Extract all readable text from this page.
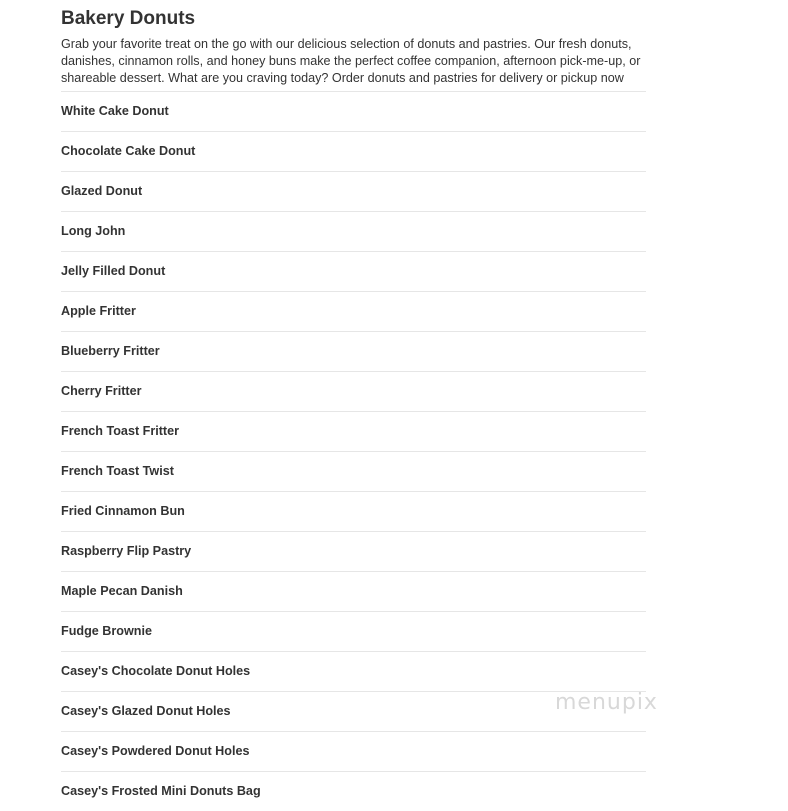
Bakery Donuts

Grab your favorite treat on the go with our delicious selection of donuts and pastries. Our fresh donuts, danishes, cinnamon rolls, and honey buns make the perfect coffee companion, afternoon pick-me-up, or shareable dessert. What are you craving today? Order donuts and pastries for delivery or pickup now

White Cake Donut
Chocolate Cake Donut
Glazed Donut
Long John
Jelly Filled Donut
Apple Fritter
Blueberry Fritter
Cherry Fritter
French Toast Fritter
French Toast Twist
Fried Cinnamon Bun
Raspberry Flip Pastry
Maple Pecan Danish
Fudge Brownie
Casey's Chocolate Donut Holes
Casey's Glazed Donut Holes
Casey's Powdered Donut Holes
Casey's Frosted Mini Donuts Bag
menupix
